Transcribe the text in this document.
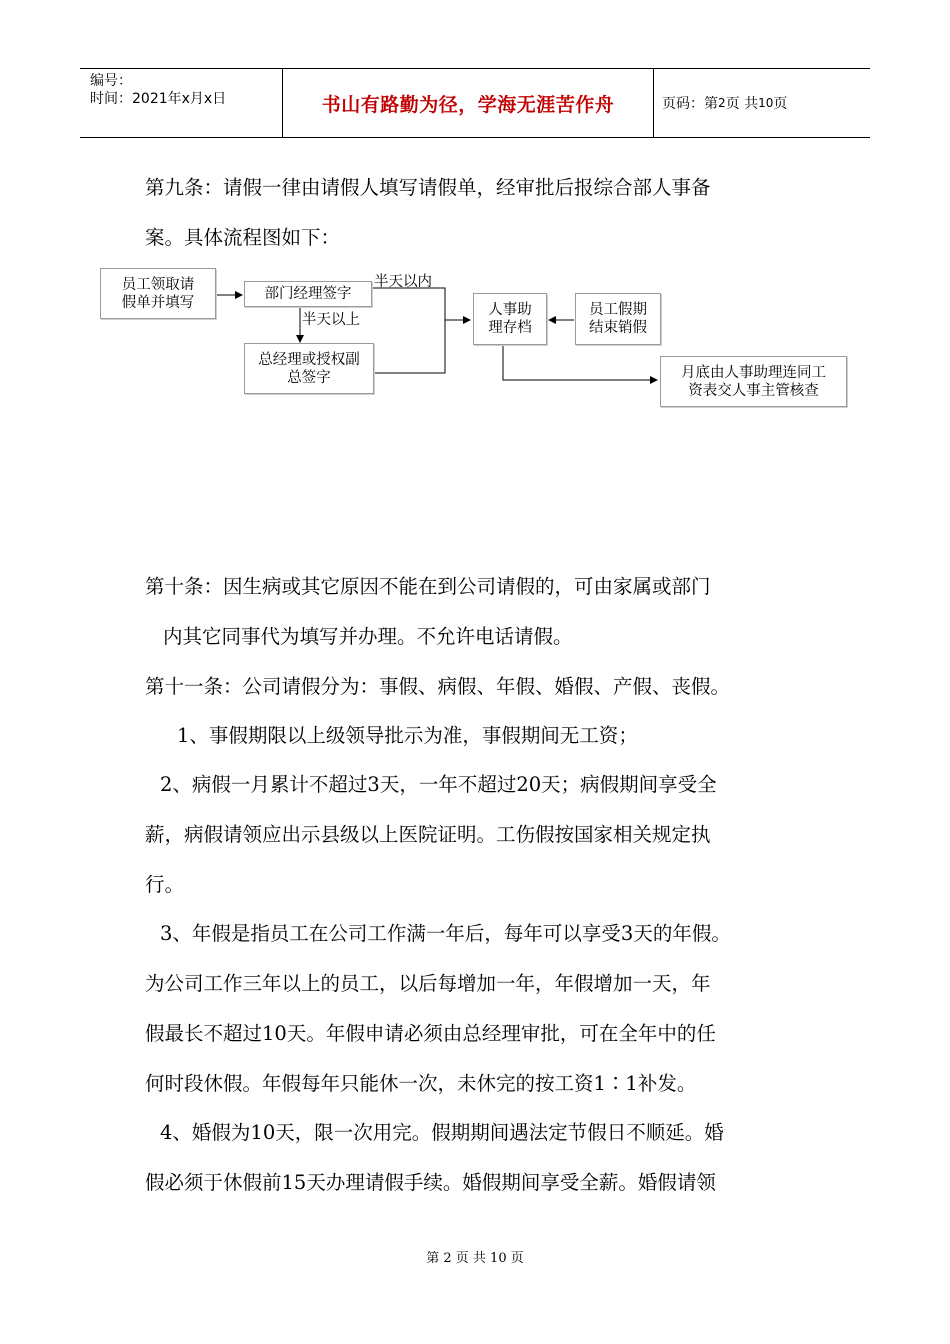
编号：
时间：2021年x月x日	书山有路勤为径，学海无涯苦作舟	页码：第 2 页 共 10 页
第九条：请假一律由请假人填写请假单，经审批后报综合部人事备
案。具体流程图如下：
员工领取请
假单并填写
部门经理签字
总经理或授权副
总签字
人事助
理存档
员工假期
结束销假
月底由人事助理连同工
资表交人事主管核查
半天以内
半天以上
第十条：因生病或其它原因不能在到公司请假的，可由家属或部门
内其它同事代为填写并办理。不允许电话请假。
第十一条：公司请假分为：事假、病假、年假、婚假、产假、丧假。
1、事假期限以上级领导批示为准，事假期间无工资；
2、病假一月累计不超过3天，一年不超过20天；病假期间享受全
薪，病假请领应出示县级以上医院证明。工伤假按国家相关规定执
行。
3、年假是指员工在公司工作满一年后，每年可以享受3天的年假。
为公司工作三年以上的员工，以后每增加一年，年假增加一天，年
假最长不超过10天。年假申请必须由总经理审批，可在全年中的任
何时段休假。年假每年只能休一次，未休完的按工资1∶1补发。
4、婚假为10天，限一次用完。假期期间遇法定节假日不顺延。婚
假必须于休假前15天办理请假手续。婚假期间享受全薪。婚假请领
第 2 页 共 10 页
